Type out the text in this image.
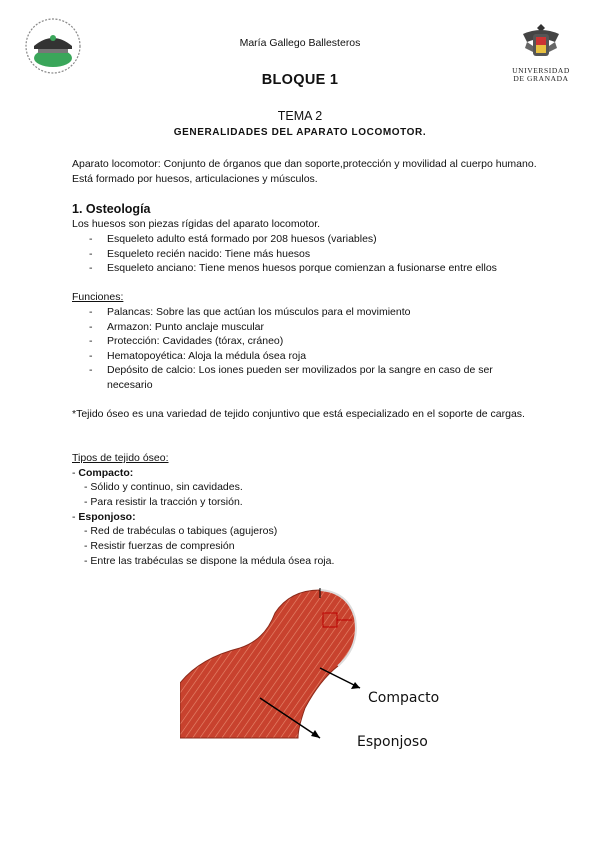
UNIVERSIDAD
DE GRANADA
María Gallego Ballesteros
BLOQUE 1
TEMA 2
GENERALIDADES DEL APARATO LOCOMOTOR.
Aparato locomotor: Conjunto de órganos que dan soporte,protección y movilidad al cuerpo humano. Está formado por huesos, articulaciones y músculos.
1. Osteología
Los huesos son piezas rígidas del aparato locomotor.
- Esqueleto adulto está formado por 208 huesos (variables)
- Esqueleto recién nacido: Tiene más huesos
- Esqueleto anciano: Tiene menos huesos porque comienzan a fusionarse entre ellos
Funciones:
- Palancas: Sobre las que actúan los músculos para el movimiento
- Armazon: Punto anclaje muscular
- Protección: Cavidades (tórax, cráneo)
- Hematopoyética: Aloja la médula ósea roja
- Depósito de calcio: Los iones pueden ser movilizados por la sangre en caso de ser necesario
*Tejido óseo es una variedad de tejido conjuntivo que está especializado en el soporte de cargas.
Tipos de tejido óseo:
- Compacto:
- Sólido y continuo, sin cavidades.
- Para resistir la tracción y torsión.
- Esponjoso:
- Red de trabéculas o tabiques (agujeros)
- Resistir fuerzas de compresión
- Entre las trabéculas se dispone la médula ósea roja.
Compacto
Esponjoso
